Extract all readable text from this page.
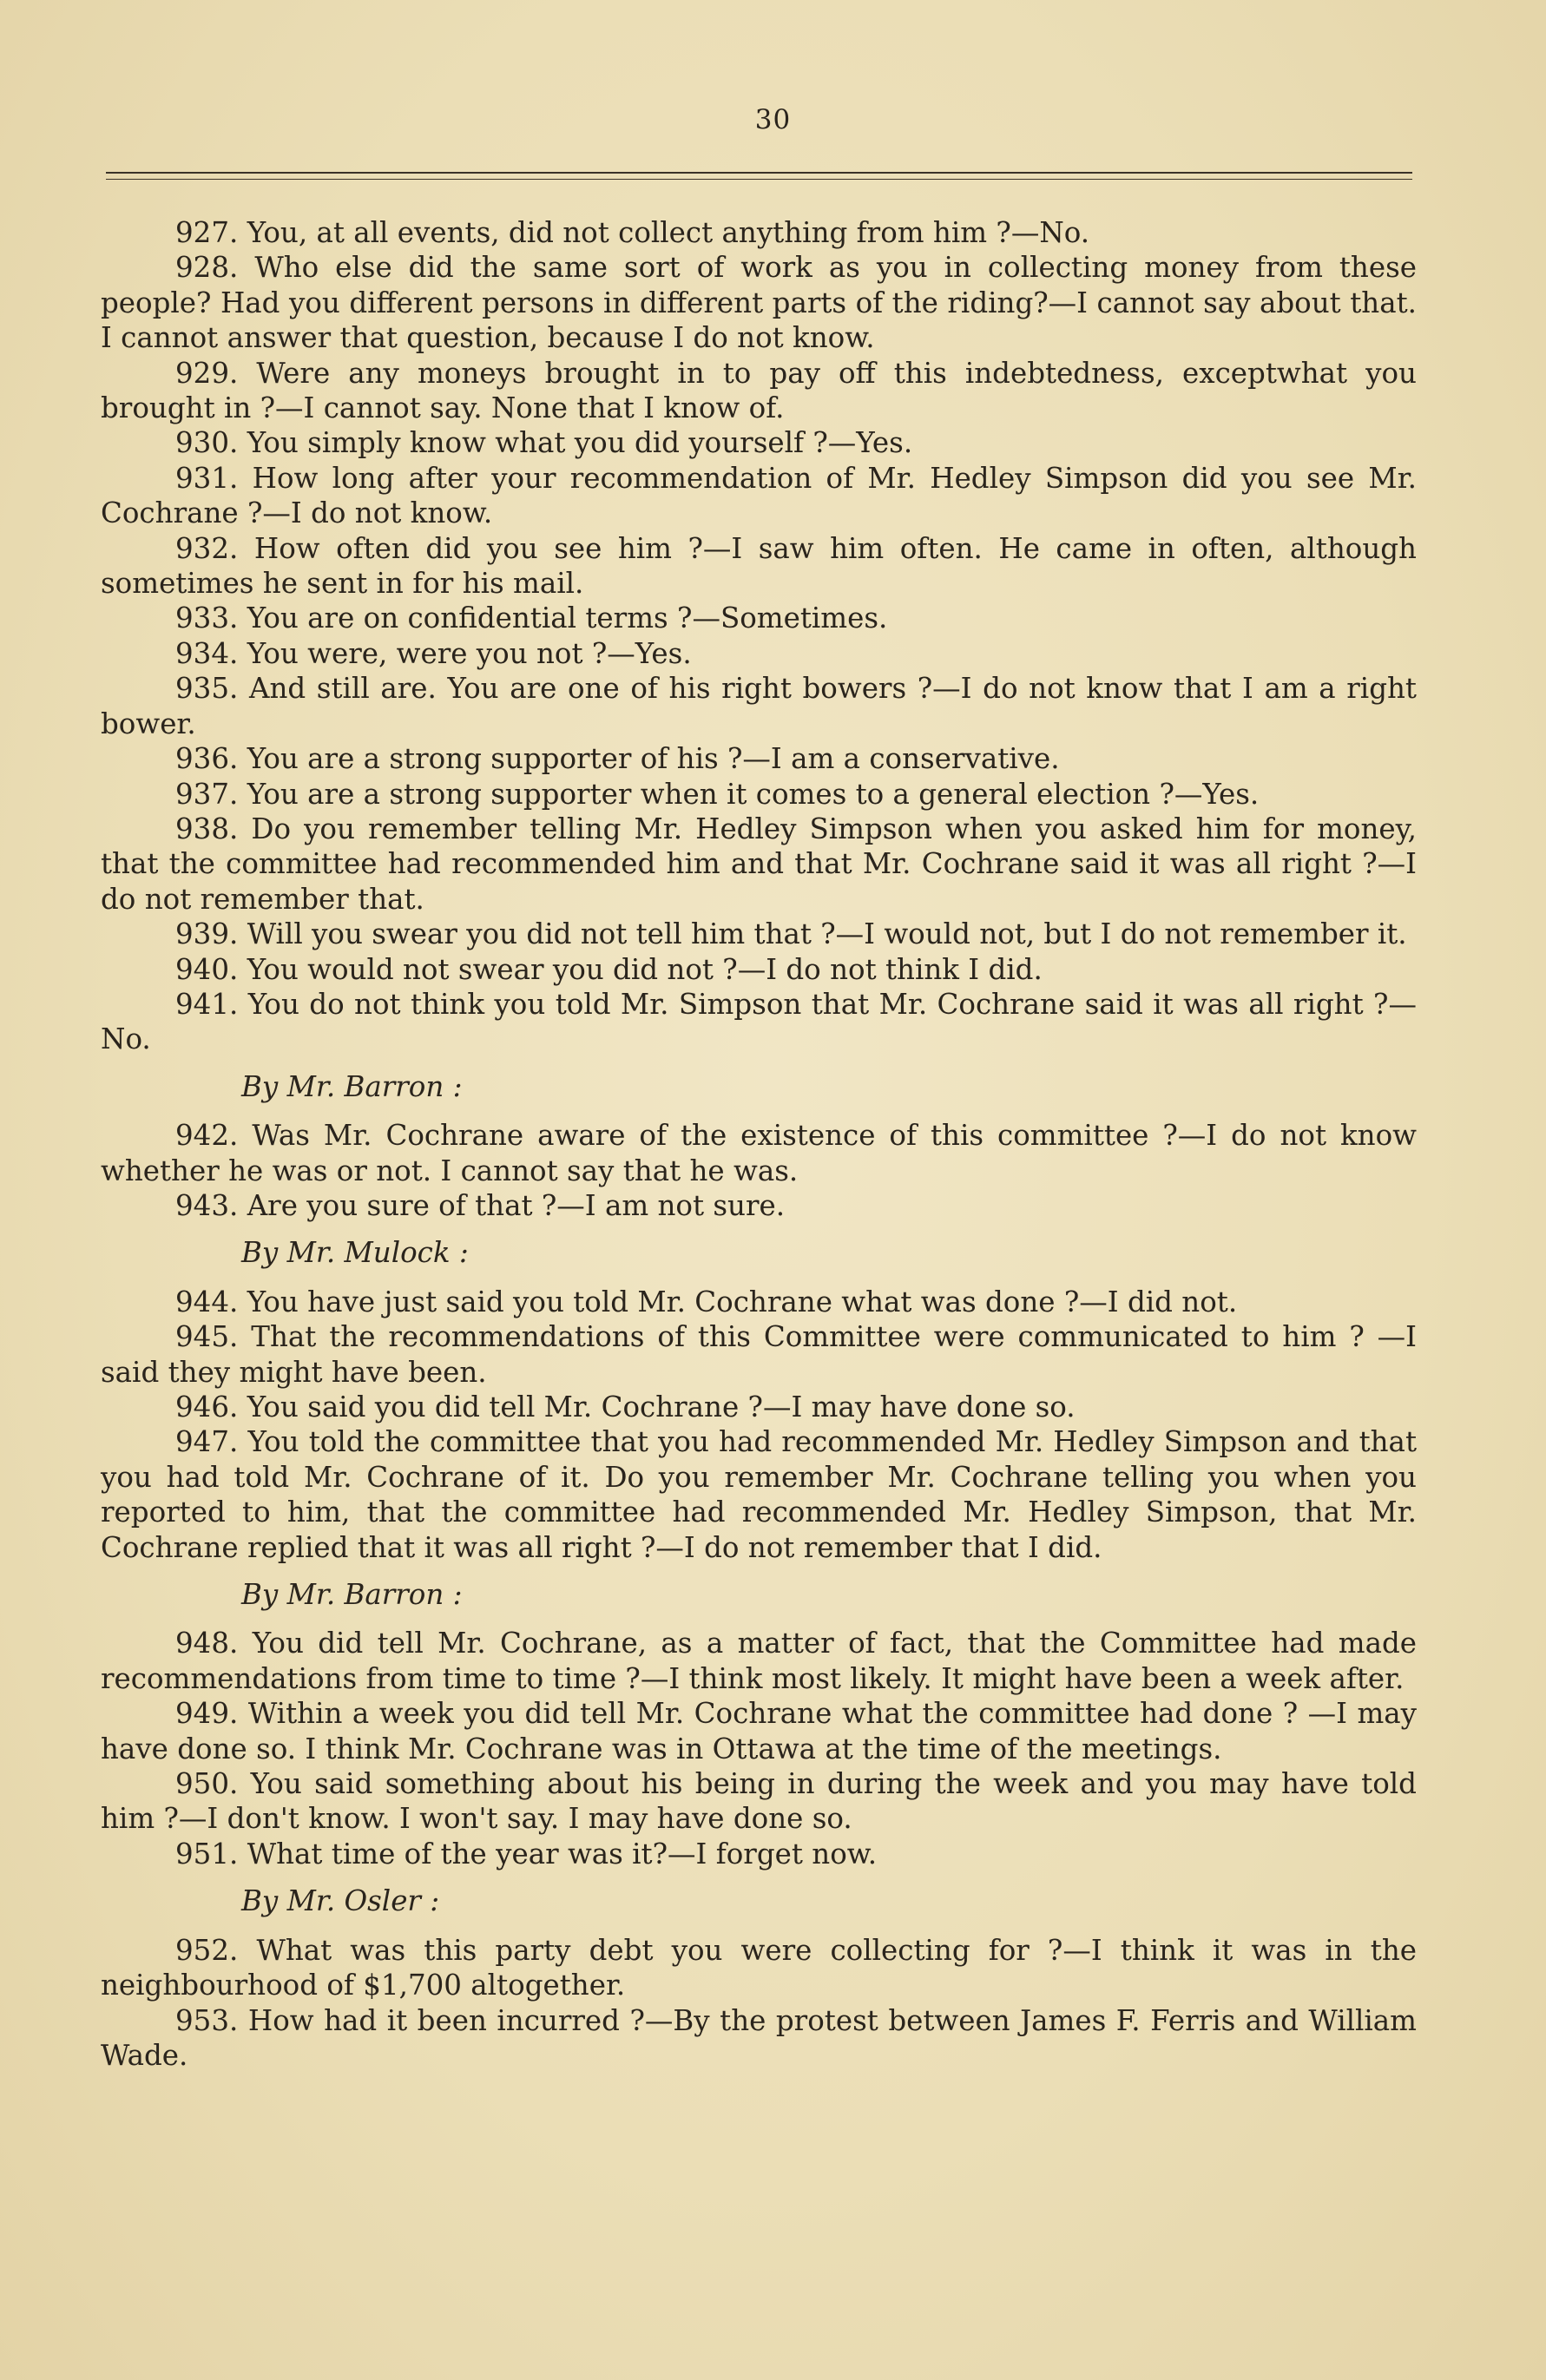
30

927. You, at all events, did not collect anything from him ?—No.

928. Who else did the same sort of work as you in collecting money from these people? Had you different persons in different parts of the riding?—I cannot say about that. I cannot answer that question, because I do not know.

929. Were any moneys brought in to pay off this indebtedness, exceptwhat you brought in ?—I cannot say. None that I know of.

930. You simply know what you did yourself ?—Yes.

931. How long after your recommendation of Mr. Hedley Simpson did you see Mr. Cochrane ?—I do not know.

932. How often did you see him ?—I saw him often. He came in often, although sometimes he sent in for his mail.

933. You are on confidential terms ?—Sometimes.

934. You were, were you not ?—Yes.

935. And still are. You are one of his right bowers ?—I do not know that I am a right bower.

936. You are a strong supporter of his ?—I am a conservative.

937. You are a strong supporter when it comes to a general election ?—Yes.

938. Do you remember telling Mr. Hedley Simpson when you asked him for money, that the committee had recommended him and that Mr. Cochrane said it was all right ?—I do not remember that.

939. Will you swear you did not tell him that ?—I would not, but I do not remember it.

940. You would not swear you did not ?—I do not think I did.

941. You do not think you told Mr. Simpson that Mr. Cochrane said it was all right ?—No.

By Mr. Barron :

942. Was Mr. Cochrane aware of the existence of this committee ?—I do not know whether he was or not. I cannot say that he was.

943. Are you sure of that ?—I am not sure.

By Mr. Mulock :

944. You have just said you told Mr. Cochrane what was done ?—I did not.

945. That the recommendations of this Committee were communicated to him ? —I said they might have been.

946. You said you did tell Mr. Cochrane ?—I may have done so.

947. You told the committee that you had recommended Mr. Hedley Simpson and that you had told Mr. Cochrane of it. Do you remember Mr. Cochrane telling you when you reported to him, that the committee had recommended Mr. Hedley Simpson, that Mr. Cochrane replied that it was all right ?—I do not remember that I did.

By Mr. Barron :

948. You did tell Mr. Cochrane, as a matter of fact, that the Committee had made recommendations from time to time ?—I think most likely. It might have been a week after.

949. Within a week you did tell Mr. Cochrane what the committee had done ? —I may have done so. I think Mr. Cochrane was in Ottawa at the time of the meetings.

950. You said something about his being in during the week and you may have told him ?—I don't know. I won't say. I may have done so.

951. What time of the year was it?—I forget now.

By Mr. Osler :

952. What was this party debt you were collecting for ?—I think it was in the neighbourhood of $1,700 altogether.

953. How had it been incurred ?—By the protest between James F. Ferris and William Wade.
